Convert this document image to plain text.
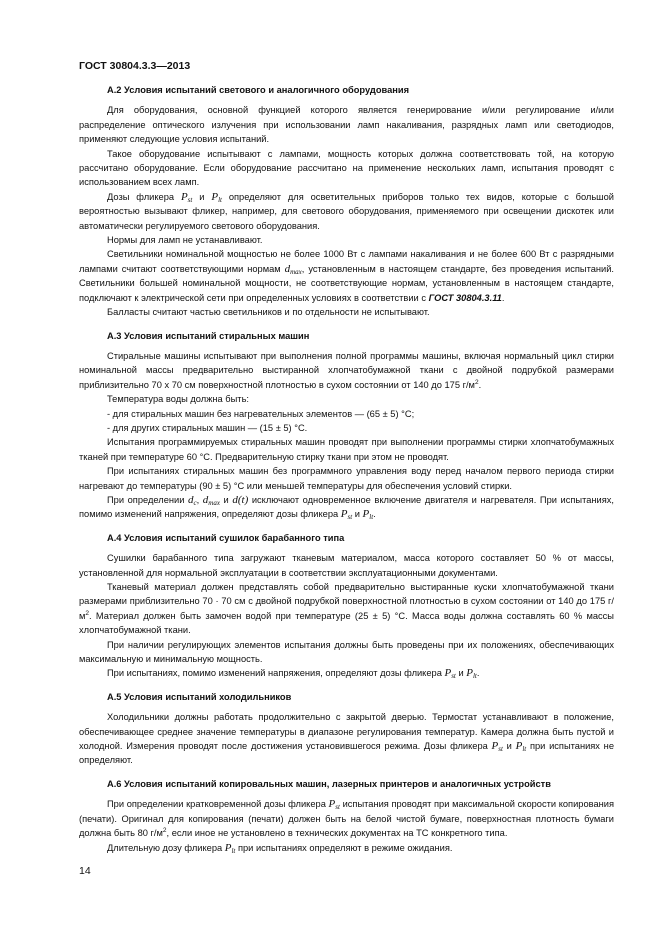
ГОСТ 30804.3.3—2013
А.2 Условия испытаний светового и аналогичного оборудования

Для оборудования, основной функцией которого является генерирование и/или регулирование и/или распределение оптического излучения при использовании ламп накаливания, разрядных ламп или светодиодов, применяют следующие условия испытаний.

Такое оборудование испытывают с лампами, мощность которых должна соответствовать той, на которую рассчитано оборудование. Если оборудование рассчитано на применение нескольких ламп, испытания проводят с использованием всех ламп.

Дозы фликера $P_{st}$ и $P_{lt}$ определяют для осветительных приборов только тех видов, которые с большой вероятностью вызывают фликер, например, для светового оборудования, применяемого при освещении дискотек или автоматически регулируемого светового оборудования.

Нормы для ламп не устанавливают.

Светильники номинальной мощностью не более 1000 Вт с лампами накаливания и не более 600 Вт с разрядными лампами считают соответствующими нормам $d_{max}$, установленным в настоящем стандарте, без проведения испытаний. Светильники большей номинальной мощности, не соответствующие нормам, установленным в настоящем стандарте, подключают к электрической сети при определенных условиях в соответствии с ГОСТ 30804.3.11.

Балласты считают частью светильников и по отдельности не испытывают.

А.3 Условия испытаний стиральных машин

Стиральные машины испытывают при выполнения полной программы машины, включая нормальный цикл стирки номинальной массы предварительно выстиранной хлопчатобумажной ткани с двойной подрубкой размерами приблизительно 70 х 70 см поверхностной плотностью в сухом состоянии от 140 до 175 $г/м^2$.

Температура воды должна быть:

- для стиральных машин без нагревательных элементов — (65 ± 5) °С;

- для других стиральных машин — (15 ± 5) °С.

Испытания программируемых стиральных машин проводят при выполнении программы стирки хлопчатобумажных тканей при температуре 60 °С. Предварительную стирку ткани при этом не проводят.

При испытаниях стиральных машин без программного управления воду перед началом первого периода стирки нагревают до температуры (90 ± 5) °С или меньшей температуры для обеспечения условий стирки.

При определении $d_c$, $d_{max}$ и d(t) исключают одновременное включение двигателя и нагревателя. При испытаниях, помимо изменений напряжения, определяют дозы фликера $P_{st}$ и $P_{lt}$.

А.4 Условия испытаний сушилок барабанного типа

Сушилки барабанного типа загружают тканевым материалом, масса которого составляет 50 % от массы, установленной для нормальной эксплуатации в соответствии эксплуатационными документами.

Тканевый материал должен представлять собой предварительно выстиранные куски хлопчатобумажной ткани размерами приблизительно 70 · 70 см с двойной подрубкой поверхностной плотностью в сухом состоянии от 140 до 175 $г/м^2$. Материал должен быть замочен водой при температуре (25 ± 5) °С. Масса воды должна составлять 60 % массы хлопчатобумажной ткани.

При наличии регулирующих элементов испытания должны быть проведены при их положениях, обеспечивающих максимальную и минимальную мощность.

При испытаниях, помимо изменений напряжения, определяют дозы фликера $P_{st}$ и $P_{lt}$.

А.5 Условия испытаний холодильников

Холодильники должны работать продолжительно с закрытой дверью. Термостат устанавливают в положение, обеспечивающее среднее значение температуры в диапазоне регулирования температур. Камера должна быть пустой и холодной. Измерения проводят после достижения установившегося режима. Дозы фликера $P_{st}$ и $P_{lt}$ при испытаниях не определяют.

А.6 Условия испытаний копировальных машин, лазерных принтеров и аналогичных устройств

При определении кратковременной дозы фликера $P_{st}$ испытания проводят при максимальной скорости копирования (печати). Оригинал для копирования (печати) должен быть на белой чистой бумаге, поверхностная плотность бумаги должна быть 80 $г/м^2$, если иное не установлено в технических документах на ТС конкретного типа.

Длительную дозу фликера $P_{lt}$ при испытаниях определяют в режиме ожидания.

14
